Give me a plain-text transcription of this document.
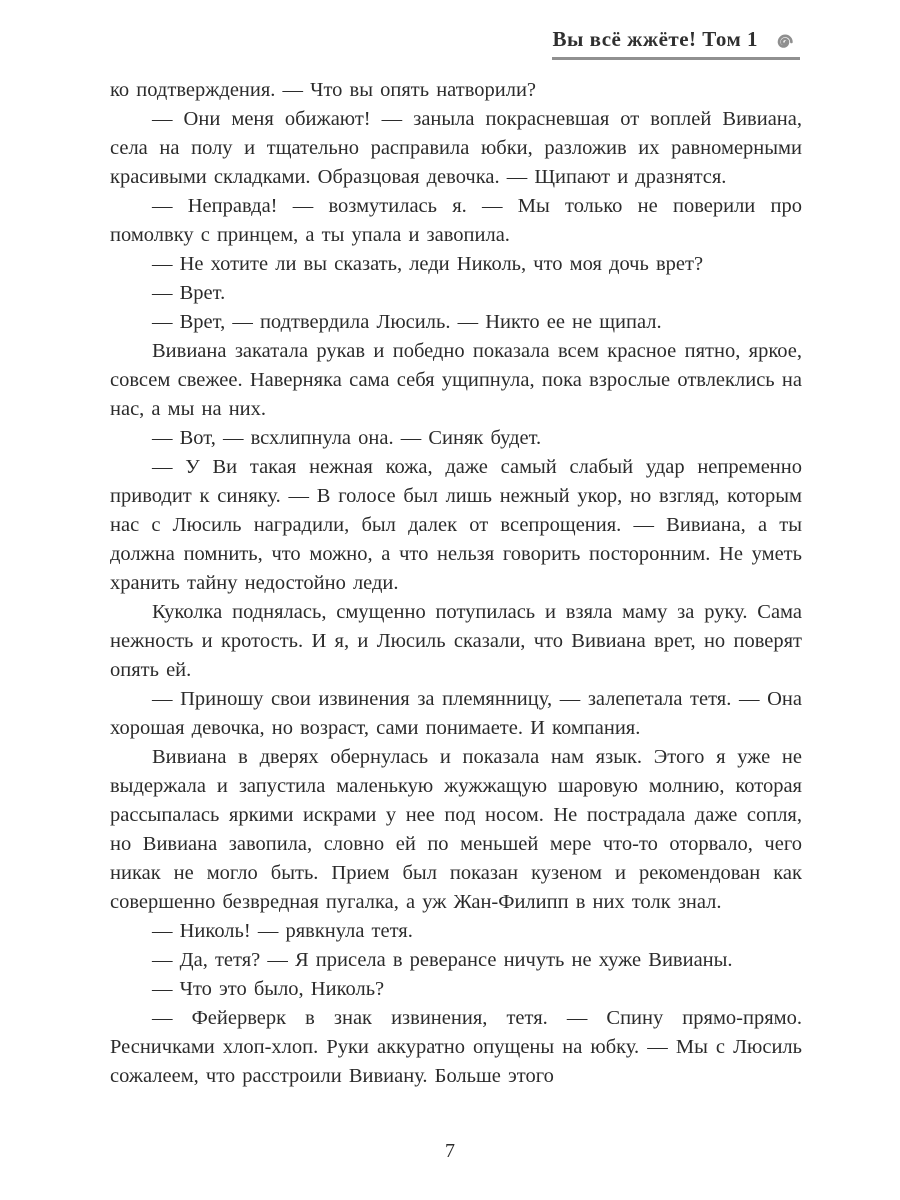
Вы всё жжёте! Том 1

ко подтверждения. — Что вы опять натворили?

— Они меня обижают! — заныла покрасневшая от воплей Вивиана, села на полу и тщательно расправила юбки, разложив их равномерными красивыми складками. Образцовая девочка. — Щипают и дразнятся.

— Неправда! — возмутилась я. — Мы только не поверили про помолвку с принцем, а ты упала и завопила.

— Не хотите ли вы сказать, леди Николь, что моя дочь врет?

— Врет.

— Врет, — подтвердила Люсиль. — Никто ее не щипал.

Вивиана закатала рукав и победно показала всем красное пятно, яркое, совсем свежее. Наверняка сама себя ущипнула, пока взрослые отвлеклись на нас, а мы на них.

— Вот, — всхлипнула она. — Синяк будет.

— У Ви такая нежная кожа, даже самый слабый удар непременно приводит к синяку. — В голосе был лишь нежный укор, но взгляд, которым нас с Люсиль наградили, был далек от всепрощения. — Вивиана, а ты должна помнить, что можно, а что нельзя говорить посторонним. Не уметь хранить тайну недостойно леди.

Куколка поднялась, смущенно потупилась и взяла маму за руку. Сама нежность и кротость. И я, и Люсиль сказали, что Вивиана врет, но поверят опять ей.

— Приношу свои извинения за племянницу, — залепетала тетя. — Она хорошая девочка, но возраст, сами понимаете. И компания.

Вивиана в дверях обернулась и показала нам язык. Этого я уже не выдержала и запустила маленькую жужжащую шаровую молнию, которая рассыпалась яркими искрами у нее под носом. Не пострадала даже сопля, но Вивиана завопила, словно ей по меньшей мере что-то оторвало, чего никак не могло быть. Прием был показан кузеном и рекомендован как совершенно безвредная пугалка, а уж Жан-Филипп в них толк знал.

— Николь! — рявкнула тетя.

— Да, тетя? — Я присела в реверансе ничуть не хуже Вивианы.

— Что это было, Николь?

— Фейерверк в знак извинения, тетя. — Спину прямо-прямо. Ресничками хлоп-хлоп. Руки аккуратно опущены на юбку. — Мы с Люсиль сожалеем, что расстроили Вивиану. Больше этого

7
